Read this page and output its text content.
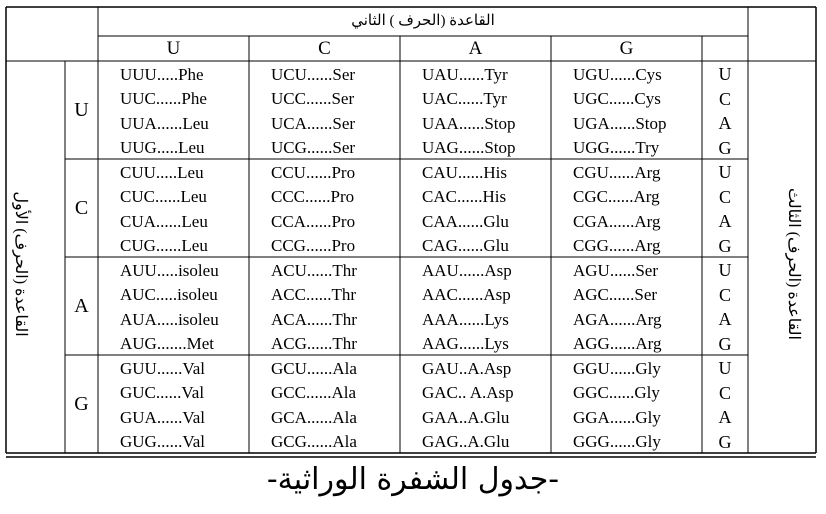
القاعدة (الحرف ) الثاني
U	C	A	G
القاعدة (الحرف) الأول	القاعدة (الحرف) الثالث
U
UUU.....Phe	UCU......Ser	UAU......Tyr	UGU......Cys	U
UUC......Phe	UCC......Ser	UAC......Tyr	UGC......Cys	C
UUA......Leu	UCA......Ser	UAA......Stop	UGA......Stop	A
UUG.....Leu	UCG......Ser	UAG......Stop	UGG......Try	G
C
CUU.....Leu	CCU......Pro	CAU......His	CGU......Arg	U
CUC......Leu	CCC......Pro	CAC......His	CGC......Arg	C
CUA......Leu	CCA......Pro	CAA......Glu	CGA......Arg	A
CUG......Leu	CCG......Pro	CAG......Glu	CGG......Arg	G
A
AUU.....isoleu	ACU......Thr	AAU......Asp	AGU......Ser	U
AUC.....isoleu	ACC......Thr	AAC......Asp	AGC......Ser	C
AUA.....isoleu	ACA......Thr	AAA......Lys	AGA......Arg	A
AUG.......Met	ACG......Thr	AAG......Lys	AGG......Arg	G
G
GUU......Val	GCU......Ala	GAU..A.Asp	GGU......Gly	U
GUC......Val	GCC......Ala	GAC.. A.Asp	GGC......Gly	C
GUA......Val	GCA......Ala	GAA..A.Glu	GGA......Gly	A
GUG......Val	GCG......Ala	GAG..A.Glu	GGG......Gly	G
-جدول الشفرة الوراثية-
